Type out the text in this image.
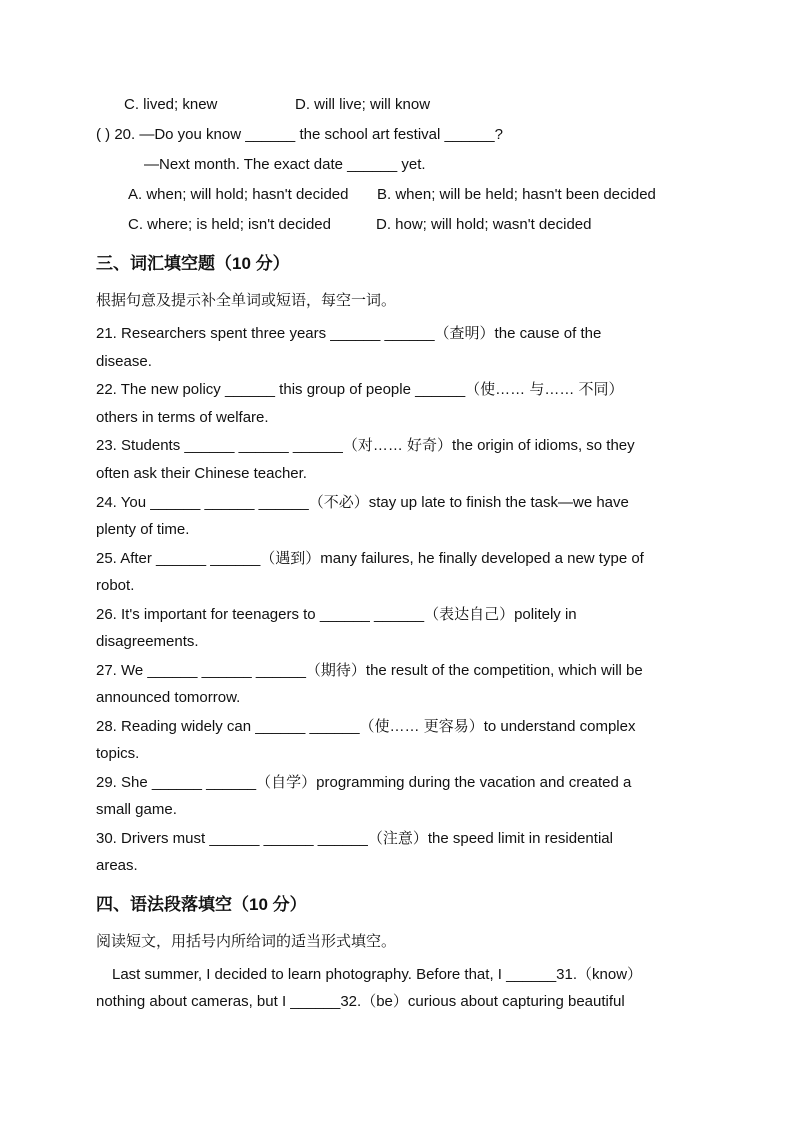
C. lived; knew	D. will live; will know
( ) 20. —Do you know ______ the school art festival ______?
—Next month. The exact date ______ yet.
A. when; will hold; hasn't decided B. when; will be held; hasn't been decided
C. where; is held; isn't decided	D. how; will hold; wasn't decided
三、词汇填空题（10 分）
根据句意及提示补全单词或短语，每空一词。
21. Researchers spent three years ______ ______（查明）the cause of the
disease.
22. The new policy ______ this group of people ______（使…… 与…… 不同）
others in terms of welfare.
23. Students ______ ______ ______（对…… 好奇）the origin of idioms, so they
often ask their Chinese teacher.
24. You ______ ______ ______（不必）stay up late to finish the task—we have
plenty of time.
25. After ______ ______（遇到）many failures, he finally developed a new type of
robot.
26. It's important for teenagers to ______ ______（表达自己）politely in
disagreements.
27. We ______ ______ ______（期待）the result of the competition, which will be
announced tomorrow.
28. Reading widely can ______ ______（使…… 更容易）to understand complex
topics.
29. She ______ ______（自学）programming during the vacation and created a
small game.
30. Drivers must ______ ______ ______（注意）the speed limit in residential
areas.
四、语法段落填空（10 分）
阅读短文，用括号内所给词的适当形式填空。
Last summer, I decided to learn photography. Before that, I ______31.（know）
nothing about cameras, but I ______32.（be）curious about capturing beautiful
